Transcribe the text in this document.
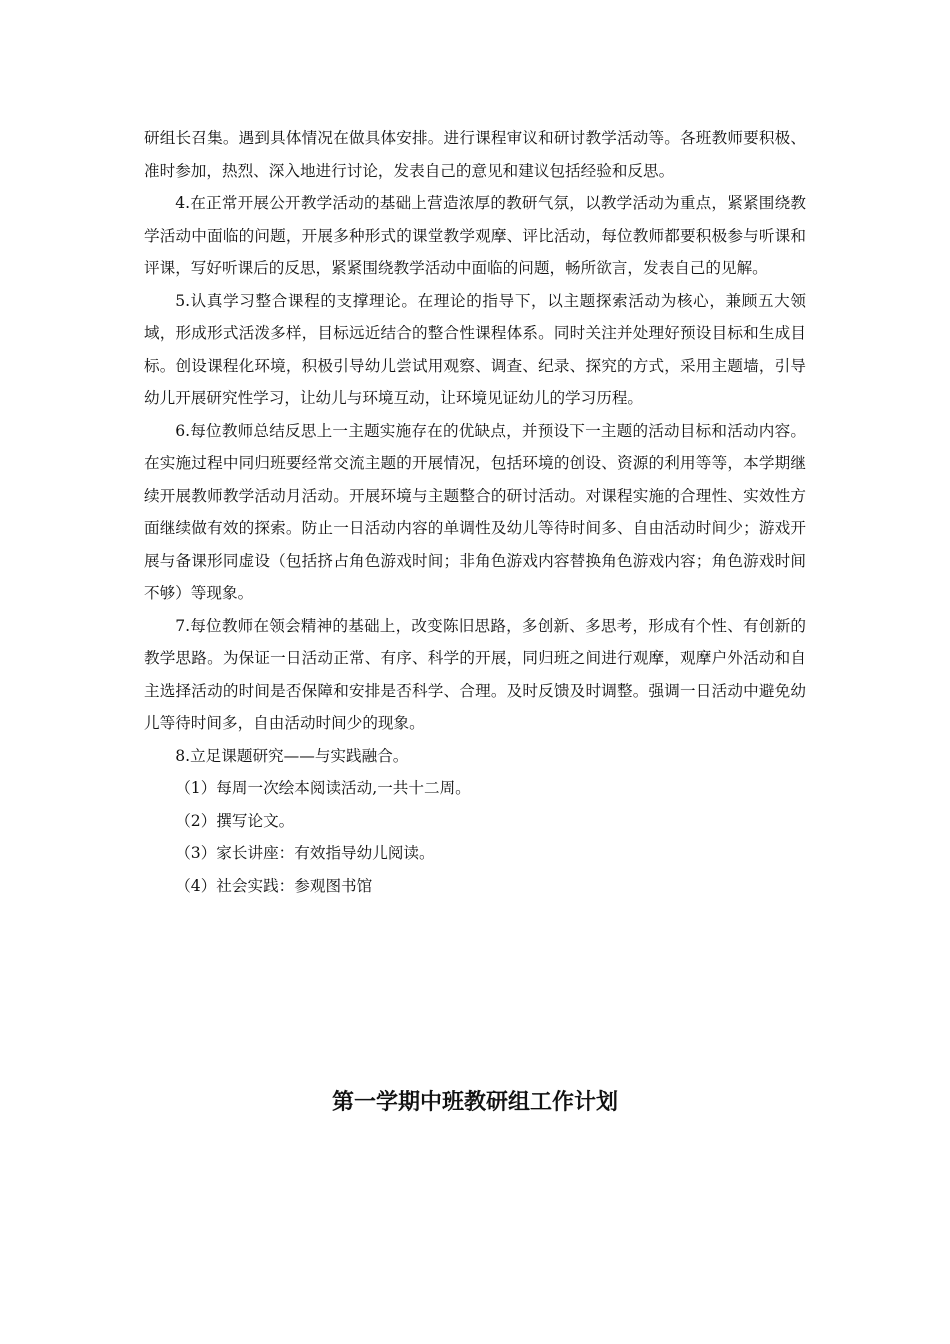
研组长召集。遇到具体情况在做具体安排。进行课程审议和研讨教学活动等。各班教师要积极、准时参加，热烈、深入地进行讨论，发表自己的意见和建议包括经验和反思。

4.在正常开展公开教学活动的基础上营造浓厚的教研气氛，以教学活动为重点，紧紧围绕教学活动中面临的问题，开展多种形式的课堂教学观摩、评比活动，每位教师都要积极参与听课和评课，写好听课后的反思，紧紧围绕教学活动中面临的问题，畅所欲言，发表自己的见解。

5.认真学习整合课程的支撑理论。在理论的指导下，以主题探索活动为核心，兼顾五大领域，形成形式活泼多样，目标远近结合的整合性课程体系。同时关注并处理好预设目标和生成目标。创设课程化环境，积极引导幼儿尝试用观察、调查、纪录、探究的方式，采用主题墙，引导幼儿开展研究性学习，让幼儿与环境互动，让环境见证幼儿的学习历程。

6.每位教师总结反思上一主题实施存在的优缺点，并预设下一主题的活动目标和活动内容。在实施过程中同归班要经常交流主题的开展情况，包括环境的创设、资源的利用等等，本学期继续开展教师教学活动月活动。开展环境与主题整合的研讨活动。对课程实施的合理性、实效性方面继续做有效的探索。防止一日活动内容的单调性及幼儿等待时间多、自由活动时间少；游戏开展与备课形同虚设（包括挤占角色游戏时间；非角色游戏内容替换角色游戏内容；角色游戏时间不够）等现象。

7.每位教师在领会精神的基础上，改变陈旧思路，多创新、多思考，形成有个性、有创新的教学思路。为保证一日活动正常、有序、科学的开展，同归班之间进行观摩，观摩户外活动和自主选择活动的时间是否保障和安排是否科学、合理。及时反馈及时调整。强调一日活动中避免幼儿等待时间多，自由活动时间少的现象。

8.立足课题研究——与实践融合。

（1）每周一次绘本阅读活动,一共十二周。

（2）撰写论文。

（3）家长讲座：有效指导幼儿阅读。

（4）社会实践：参观图书馆

第一学期中班教研组工作计划
